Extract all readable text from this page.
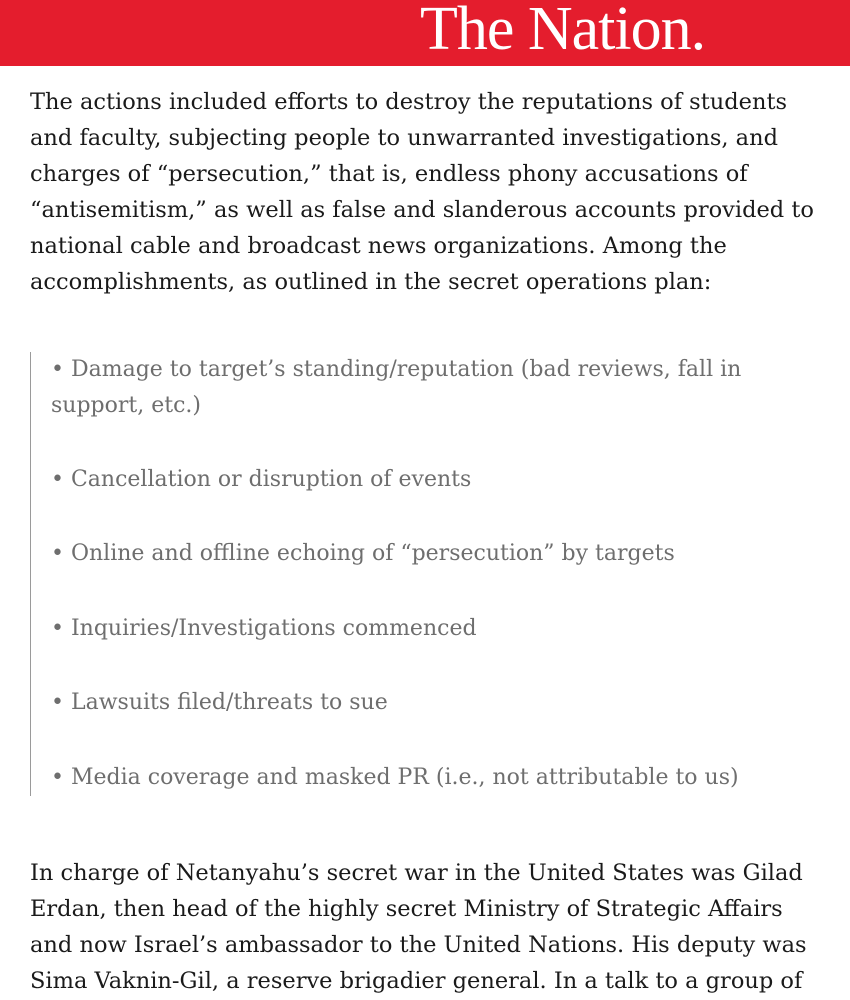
The Nation.

The actions included efforts to destroy the reputations of students and faculty, subjecting people to unwarranted investigations, and charges of “persecution,” that is, endless phony accusations of “antisemitism,” as well as false and slanderous accounts provided to national cable and broadcast news organizations. Among the accomplishments, as outlined in the secret operations plan:

• Damage to target’s standing/reputation (bad reviews, fall in support, etc.)

• Cancellation or disruption of events

• Online and offline echoing of “persecution” by targets

• Inquiries/Investigations commenced

• Lawsuits filed/threats to sue

• Media coverage and masked PR (i.e., not attributable to us)

In charge of Netanyahu’s secret war in the United States was Gilad Erdan, then head of the highly secret Ministry of Strategic Affairs and now Israel’s ambassador to the United Nations. His deputy was Sima Vaknin-Gil, a reserve brigadier general. In a talk to a group of
